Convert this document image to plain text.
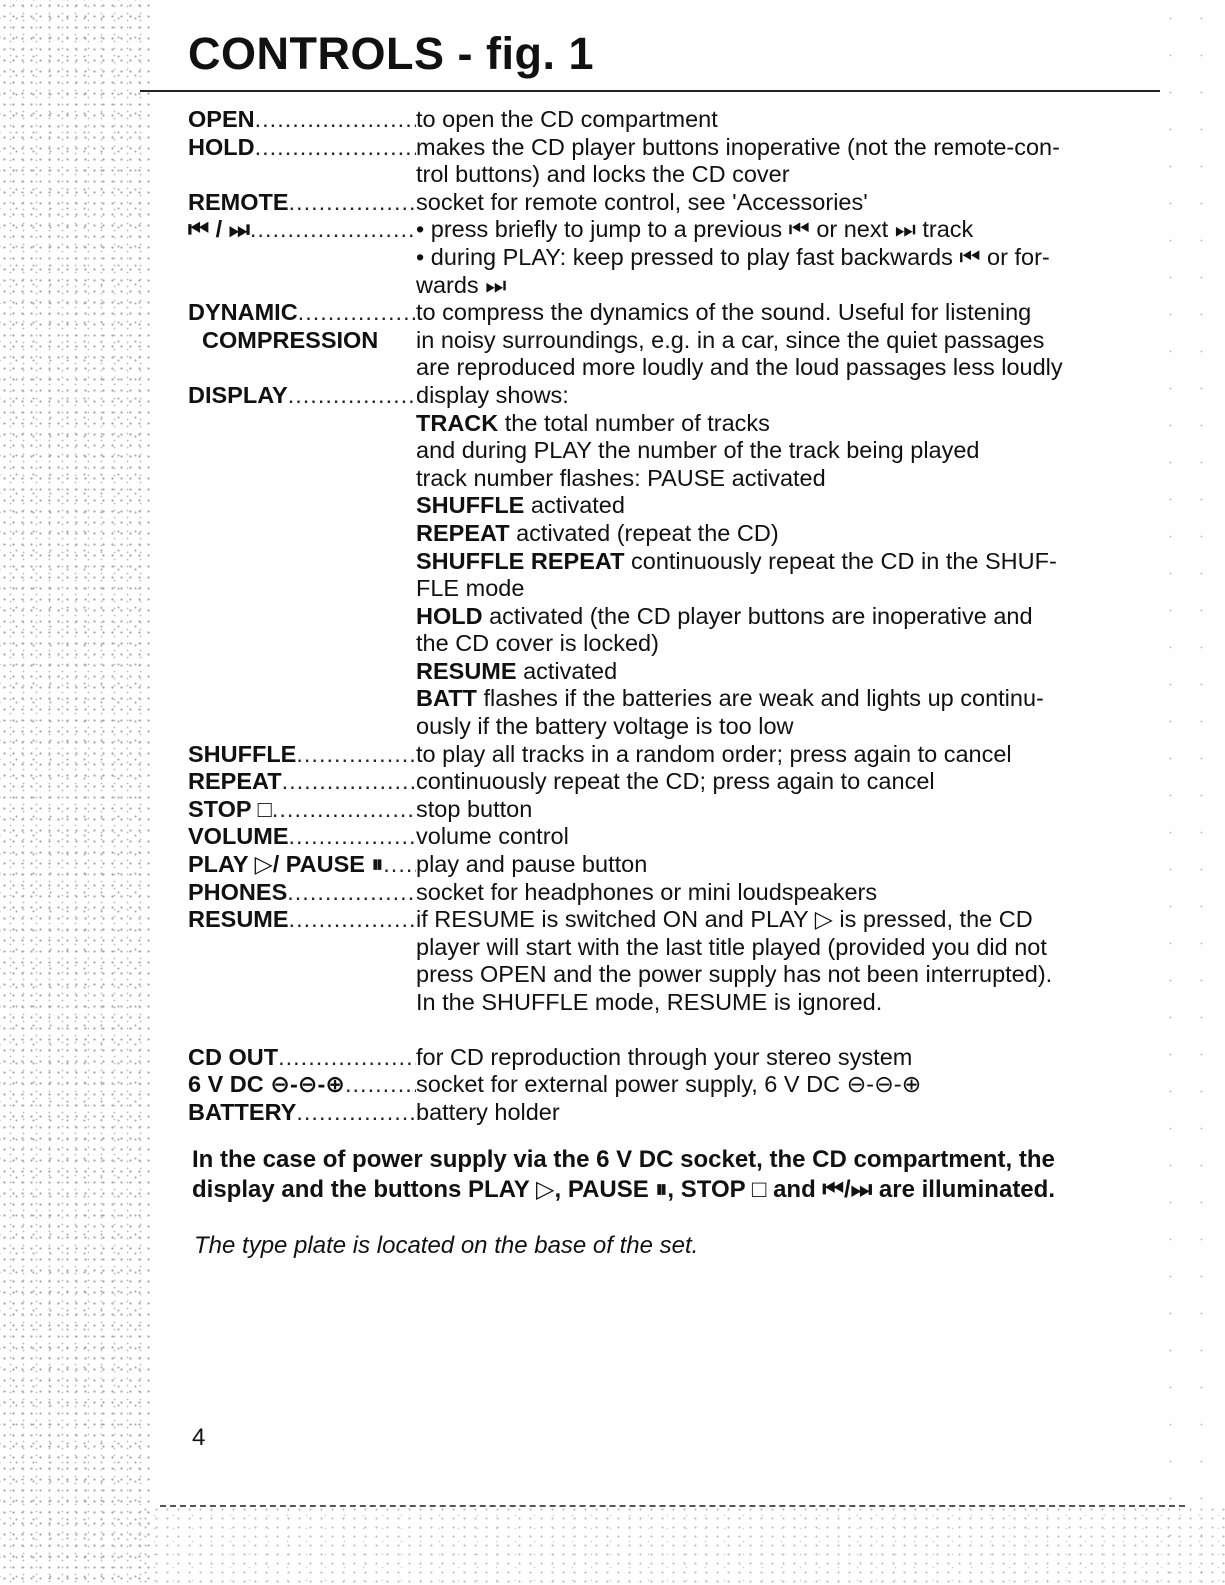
CONTROLS - fig. 1
OPEN .....	to open the CD compartment
HOLD .....	makes the CD player buttons inoperative (not the remote-con-
trol buttons) and locks the CD cover
REMOTE .....	socket for remote control, see 'Accessories'
⏮ / ⏭ .....	• press briefly to jump to a previous ⏮ or next ⏭ track
• during PLAY: keep pressed to play fast backwards ⏮ or for-
wards ⏭
DYNAMIC .....	to compress the dynamics of the sound. Useful for listening
COMPRESSION in noisy surroundings, e.g. in a car, since the quiet passages
are reproduced more loudly and the loud passages less loudly
DISPLAY .....	display shows:
TRACK the total number of tracks
and during PLAY the number of the track being played
track number flashes: PAUSE activated
SHUFFLE activated
REPEAT activated (repeat the CD)
SHUFFLE REPEAT continuously repeat the CD in the SHUF-
FLE mode
HOLD activated (the CD player buttons are inoperative and
the CD cover is locked)
RESUME activated
BATT flashes if the batteries are weak and lights up continu-
ously if the battery voltage is too low
SHUFFLE .....	to play all tracks in a random order; press again to cancel
REPEAT .....	continuously repeat the CD; press again to cancel
STOP □ .....	stop button
VOLUME .....	volume control
PLAY ▷/ PAUSE ⏸ ..... play and pause button
PHONES .....	socket for headphones or mini loudspeakers
RESUME .....	if RESUME is switched ON and PLAY ▷ is pressed, the CD
player will start with the last title played (provided you did not
press OPEN and the power supply has not been interrupted).
In the SHUFFLE mode, RESUME is ignored.
CD OUT .....	for CD reproduction through your stereo system
6 V DC ⊖-⊖-⊕ .....	socket for external power supply, 6 V DC ⊖-⊖-⊕
BATTERY .....	battery holder
In the case of power supply via the 6 V DC socket, the CD compartment, the display and the buttons PLAY ▷, PAUSE ⏸, STOP □ and ⏮/⏭ are illuminated.
The type plate is located on the base of the set.
4
